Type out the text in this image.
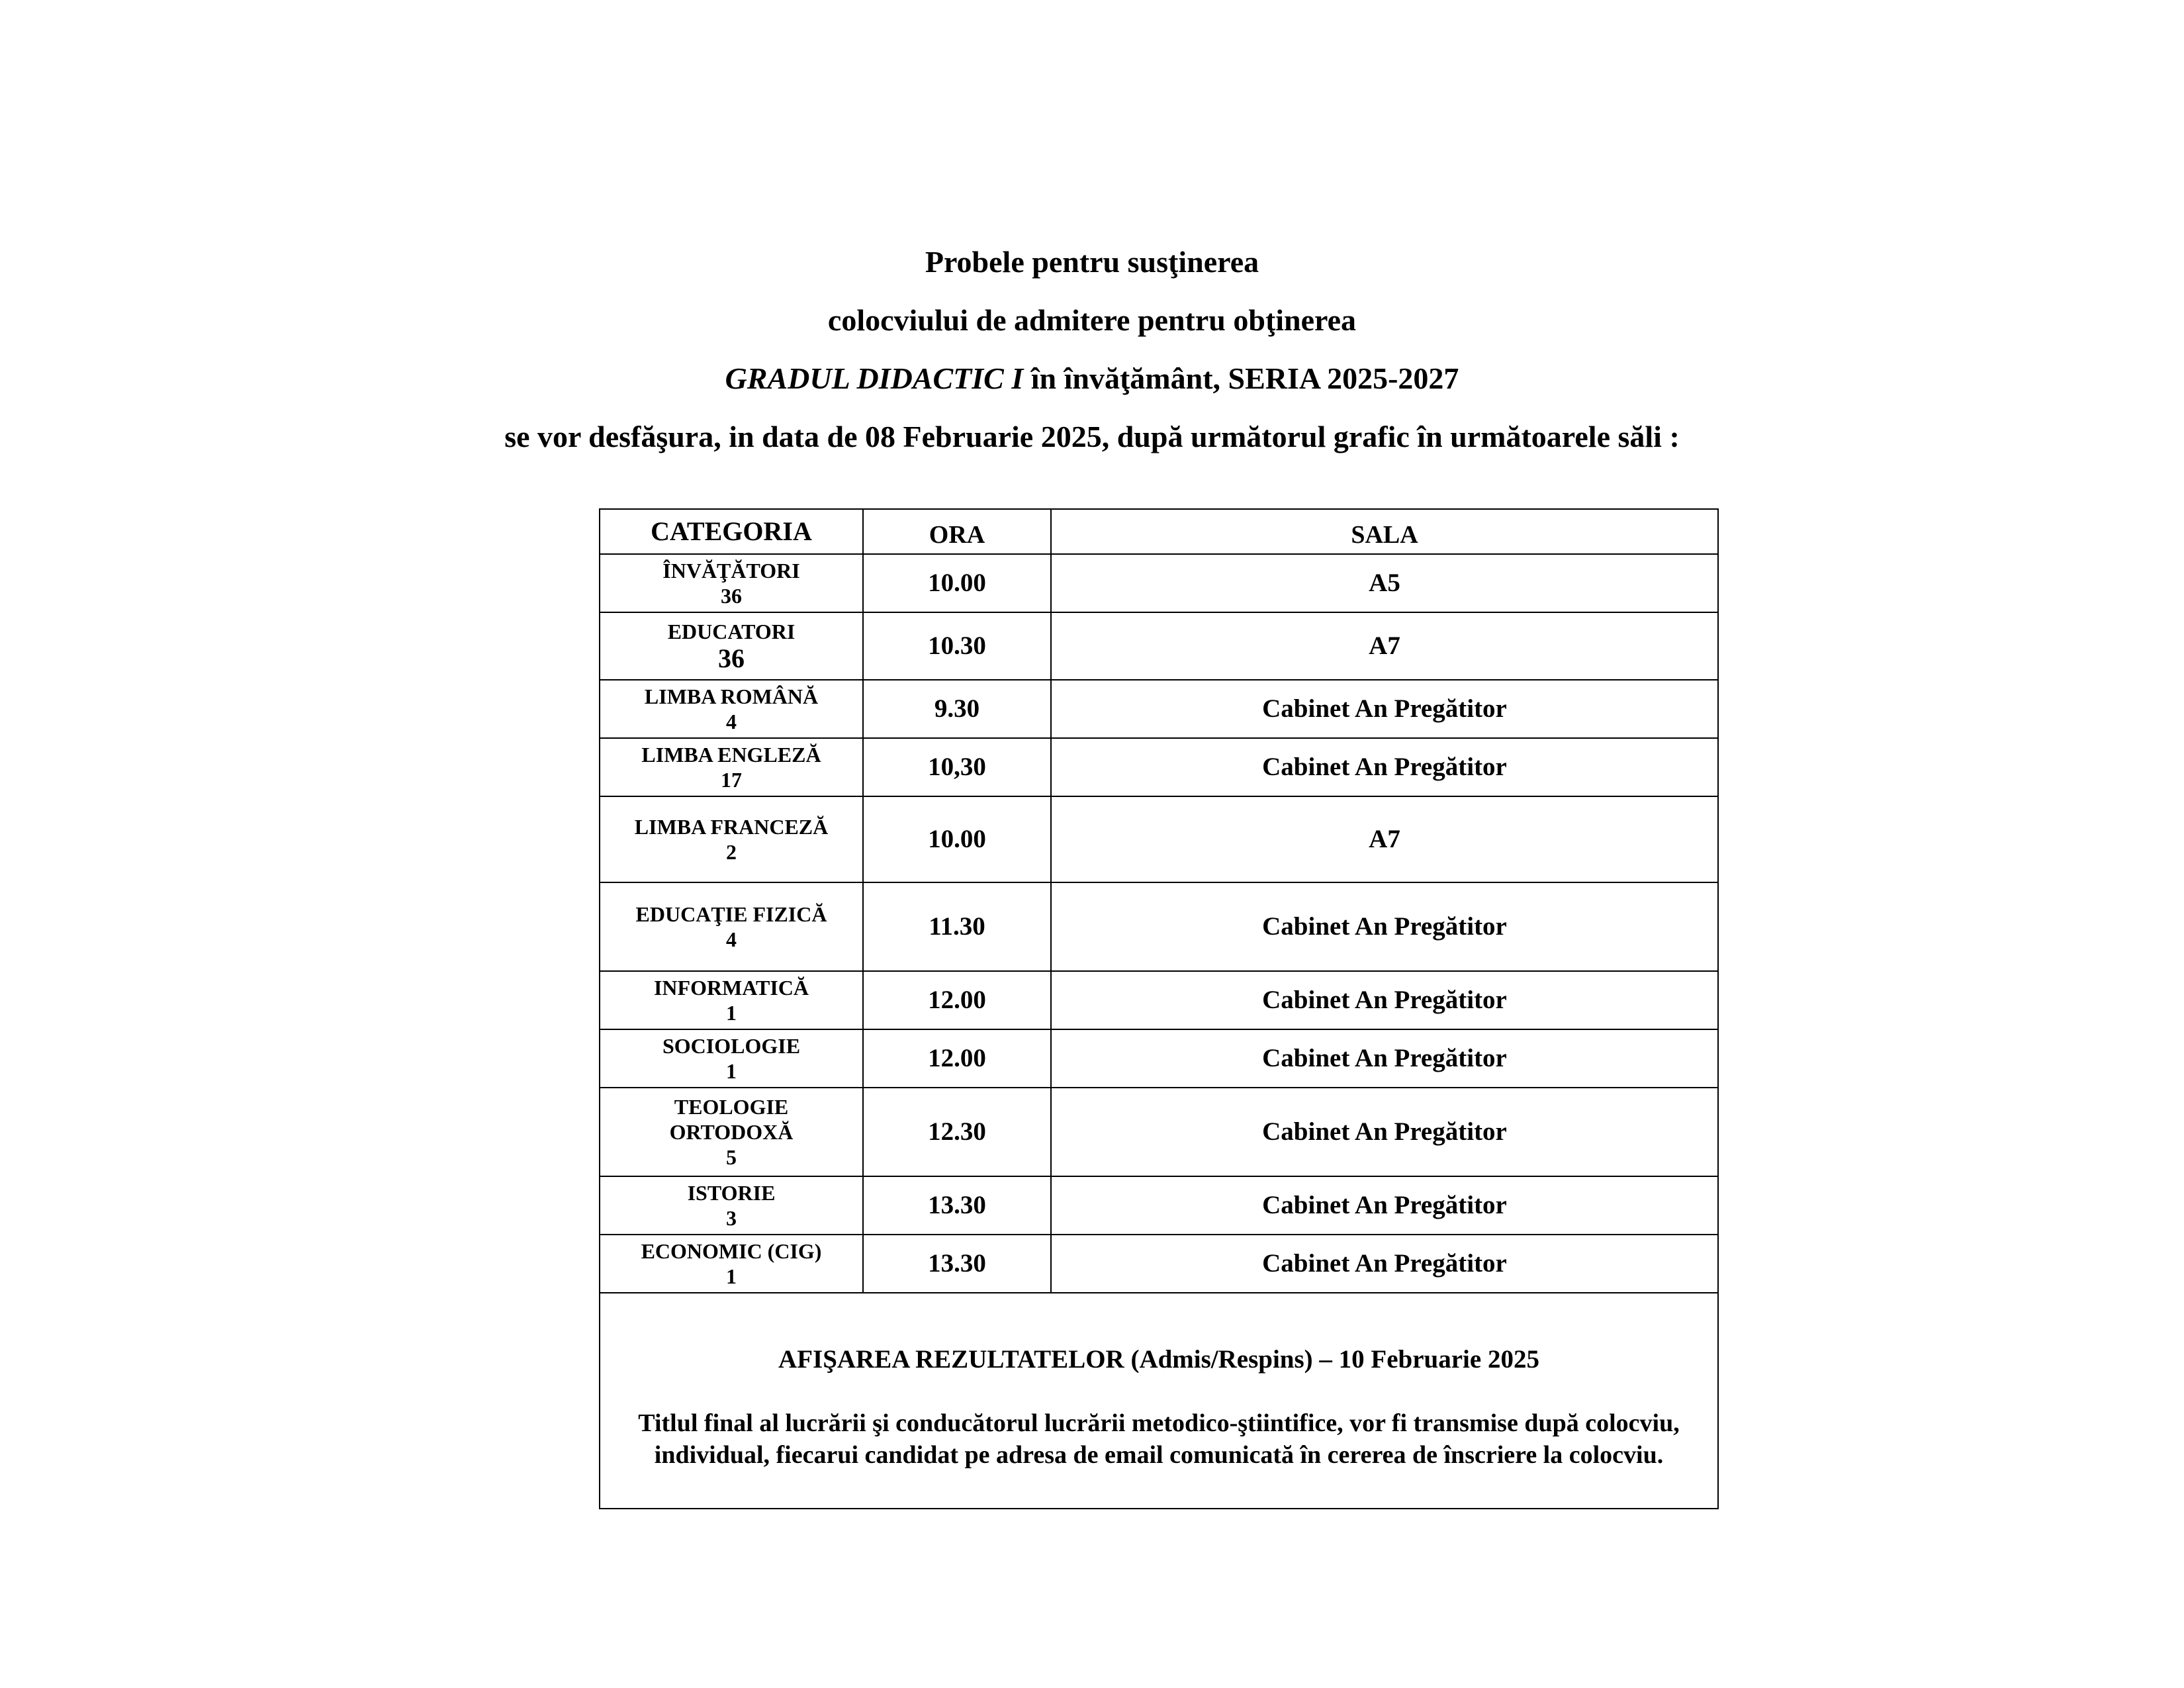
Probele pentru susţinerea
colocviului de admitere pentru obţinerea
GRADUL DIDACTIC I în învăţământ, SERIA 2025-2027
se vor desfăşura, in data de 08 Februarie 2025, după următorul grafic în următoarele săli :
CATEGORIA	ORA	SALA

ÎNVĂŢĂTORI
36	10.00	A5

EDUCATORI
36	10.30	A7

LIMBA ROMÂNĂ
4	9.30	Cabinet An Pregătitor

LIMBA ENGLEZĂ
17	10,30	Cabinet An Pregătitor

LIMBA FRANCEZĂ
2	10.00	A7

EDUCAŢIE FIZICĂ
4	11.30	Cabinet An Pregătitor

INFORMATICĂ
1	12.00	Cabinet An Pregătitor

SOCIOLOGIE
1	12.00	Cabinet An Pregătitor

TEOLOGIE
ORTODOXĂ
5	12.30	Cabinet An Pregătitor

ISTORIE
3	13.30	Cabinet An Pregătitor

ECONOMIC (CIG)
1	13.30	Cabinet An Pregătitor

AFIŞAREA REZULTATELOR (Admis/Respins) – 10 Februarie 2025
Titlul final al lucrării şi conducătorul lucrării metodico-ştiintifice, vor fi transmise după colocviu, individual, fiecarui candidat pe adresa de email comunicată în cererea de înscriere la colocviu.		
